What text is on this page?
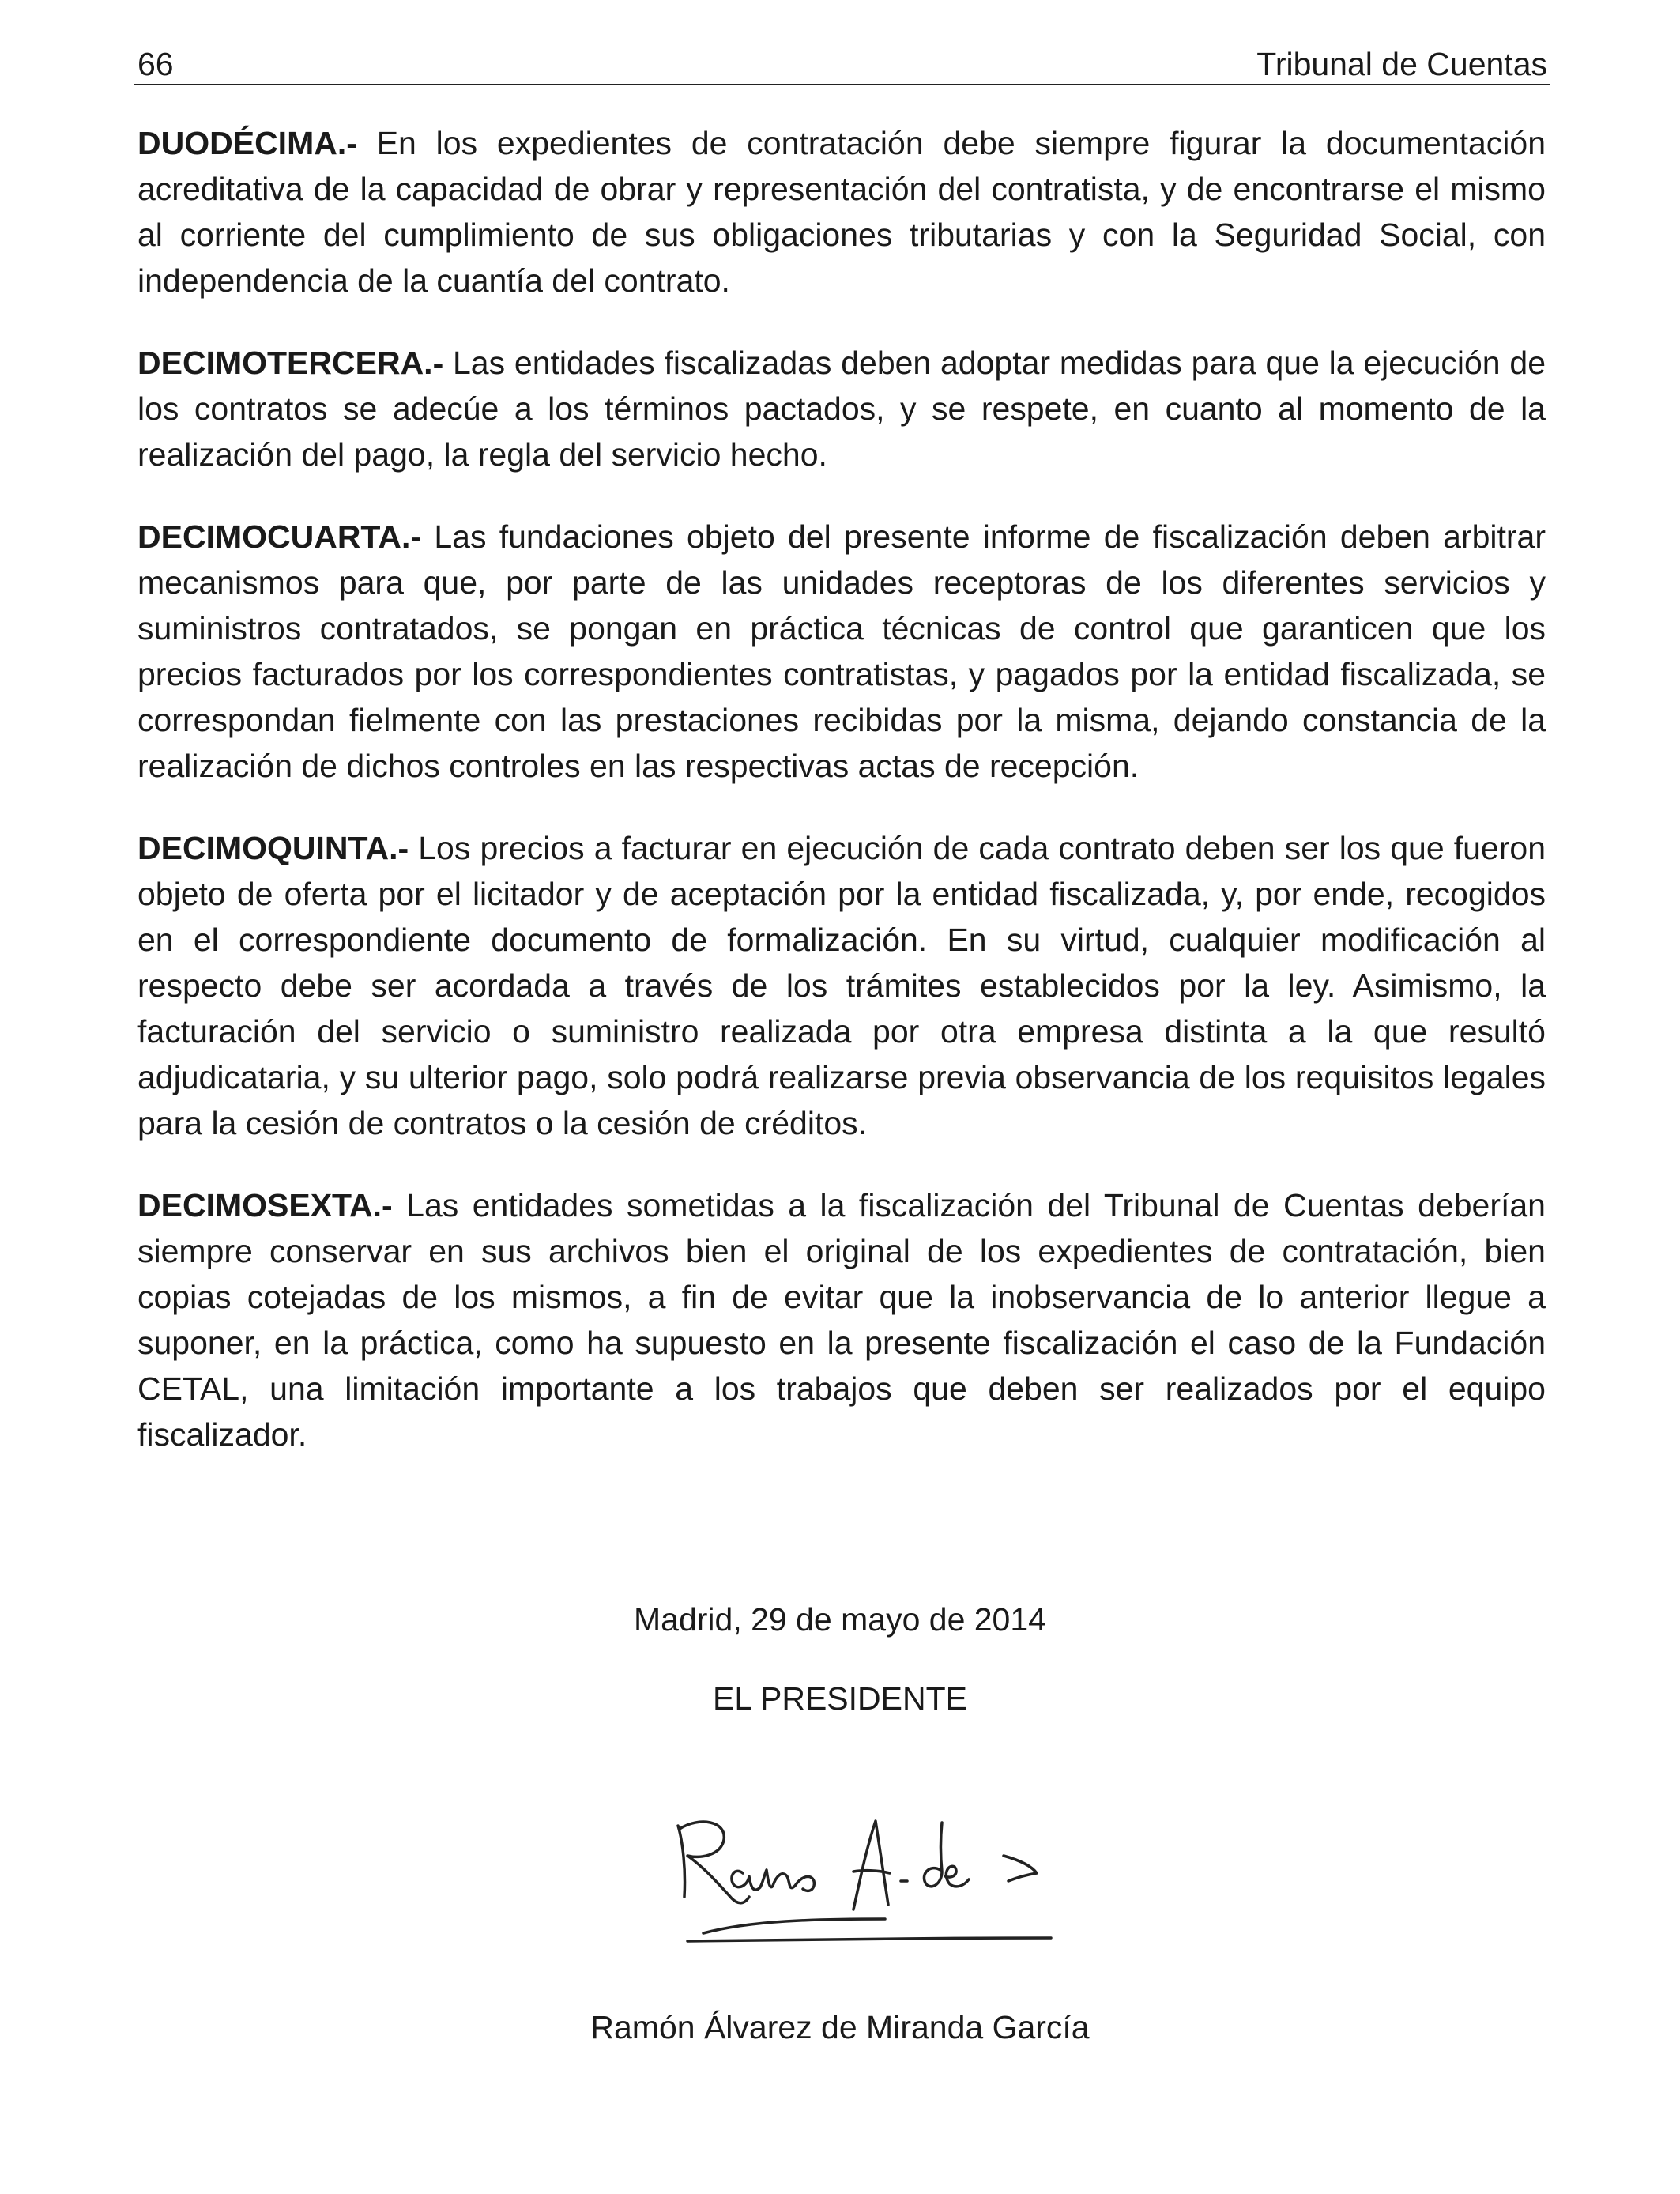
66	Tribunal de Cuentas

DUODÉCIMA.- En los expedientes de contratación debe siempre figurar la documentación acreditativa de la capacidad de obrar y representación del contratista, y de encontrarse el mismo al corriente del cumplimiento de sus obligaciones tributarias y con la Seguridad Social, con independencia de la cuantía del contrato.

DECIMOTERCERA.- Las entidades fiscalizadas deben adoptar medidas para que la ejecución de los contratos se adecúe a los términos pactados, y se respete, en cuanto al momento de la realización del pago, la regla del servicio hecho.

DECIMOCUARTA.- Las fundaciones objeto del presente informe de fiscalización deben arbitrar mecanismos para que, por parte de las unidades receptoras de los diferentes servicios y suministros contratados, se pongan en práctica técnicas de control que garanticen que los precios facturados por los correspondientes contratistas, y pagados por la entidad fiscalizada, se correspondan fielmente con las prestaciones recibidas por la misma, dejando constancia de la realización de dichos controles en las respectivas actas de recepción.

DECIMOQUINTA.- Los precios a facturar en ejecución de cada contrato deben ser los que fueron objeto de oferta por el licitador y de aceptación por la entidad fiscalizada, y, por ende, recogidos en el correspondiente documento de formalización. En su virtud, cualquier modificación al respecto debe ser acordada a través de los trámites establecidos por la ley. Asimismo, la facturación del servicio o suministro realizada por otra empresa distinta a la que resultó adjudicataria, y su ulterior pago, solo podrá realizarse previa observancia de los requisitos legales para la cesión de contratos o la cesión de créditos.

DECIMOSEXTA.- Las entidades sometidas a la fiscalización del Tribunal de Cuentas deberían siempre conservar en sus archivos bien el original de los expedientes de contratación, bien copias cotejadas de los mismos, a fin de evitar que la inobservancia de lo anterior llegue a suponer, en la práctica, como ha supuesto en la presente fiscalización el caso de la Fundación CETAL, una limitación importante a los trabajos que deben ser realizados por el equipo fiscalizador.

Madrid, 29 de mayo de 2014
EL PRESIDENTE
Ramón Álvarez de Miranda García
